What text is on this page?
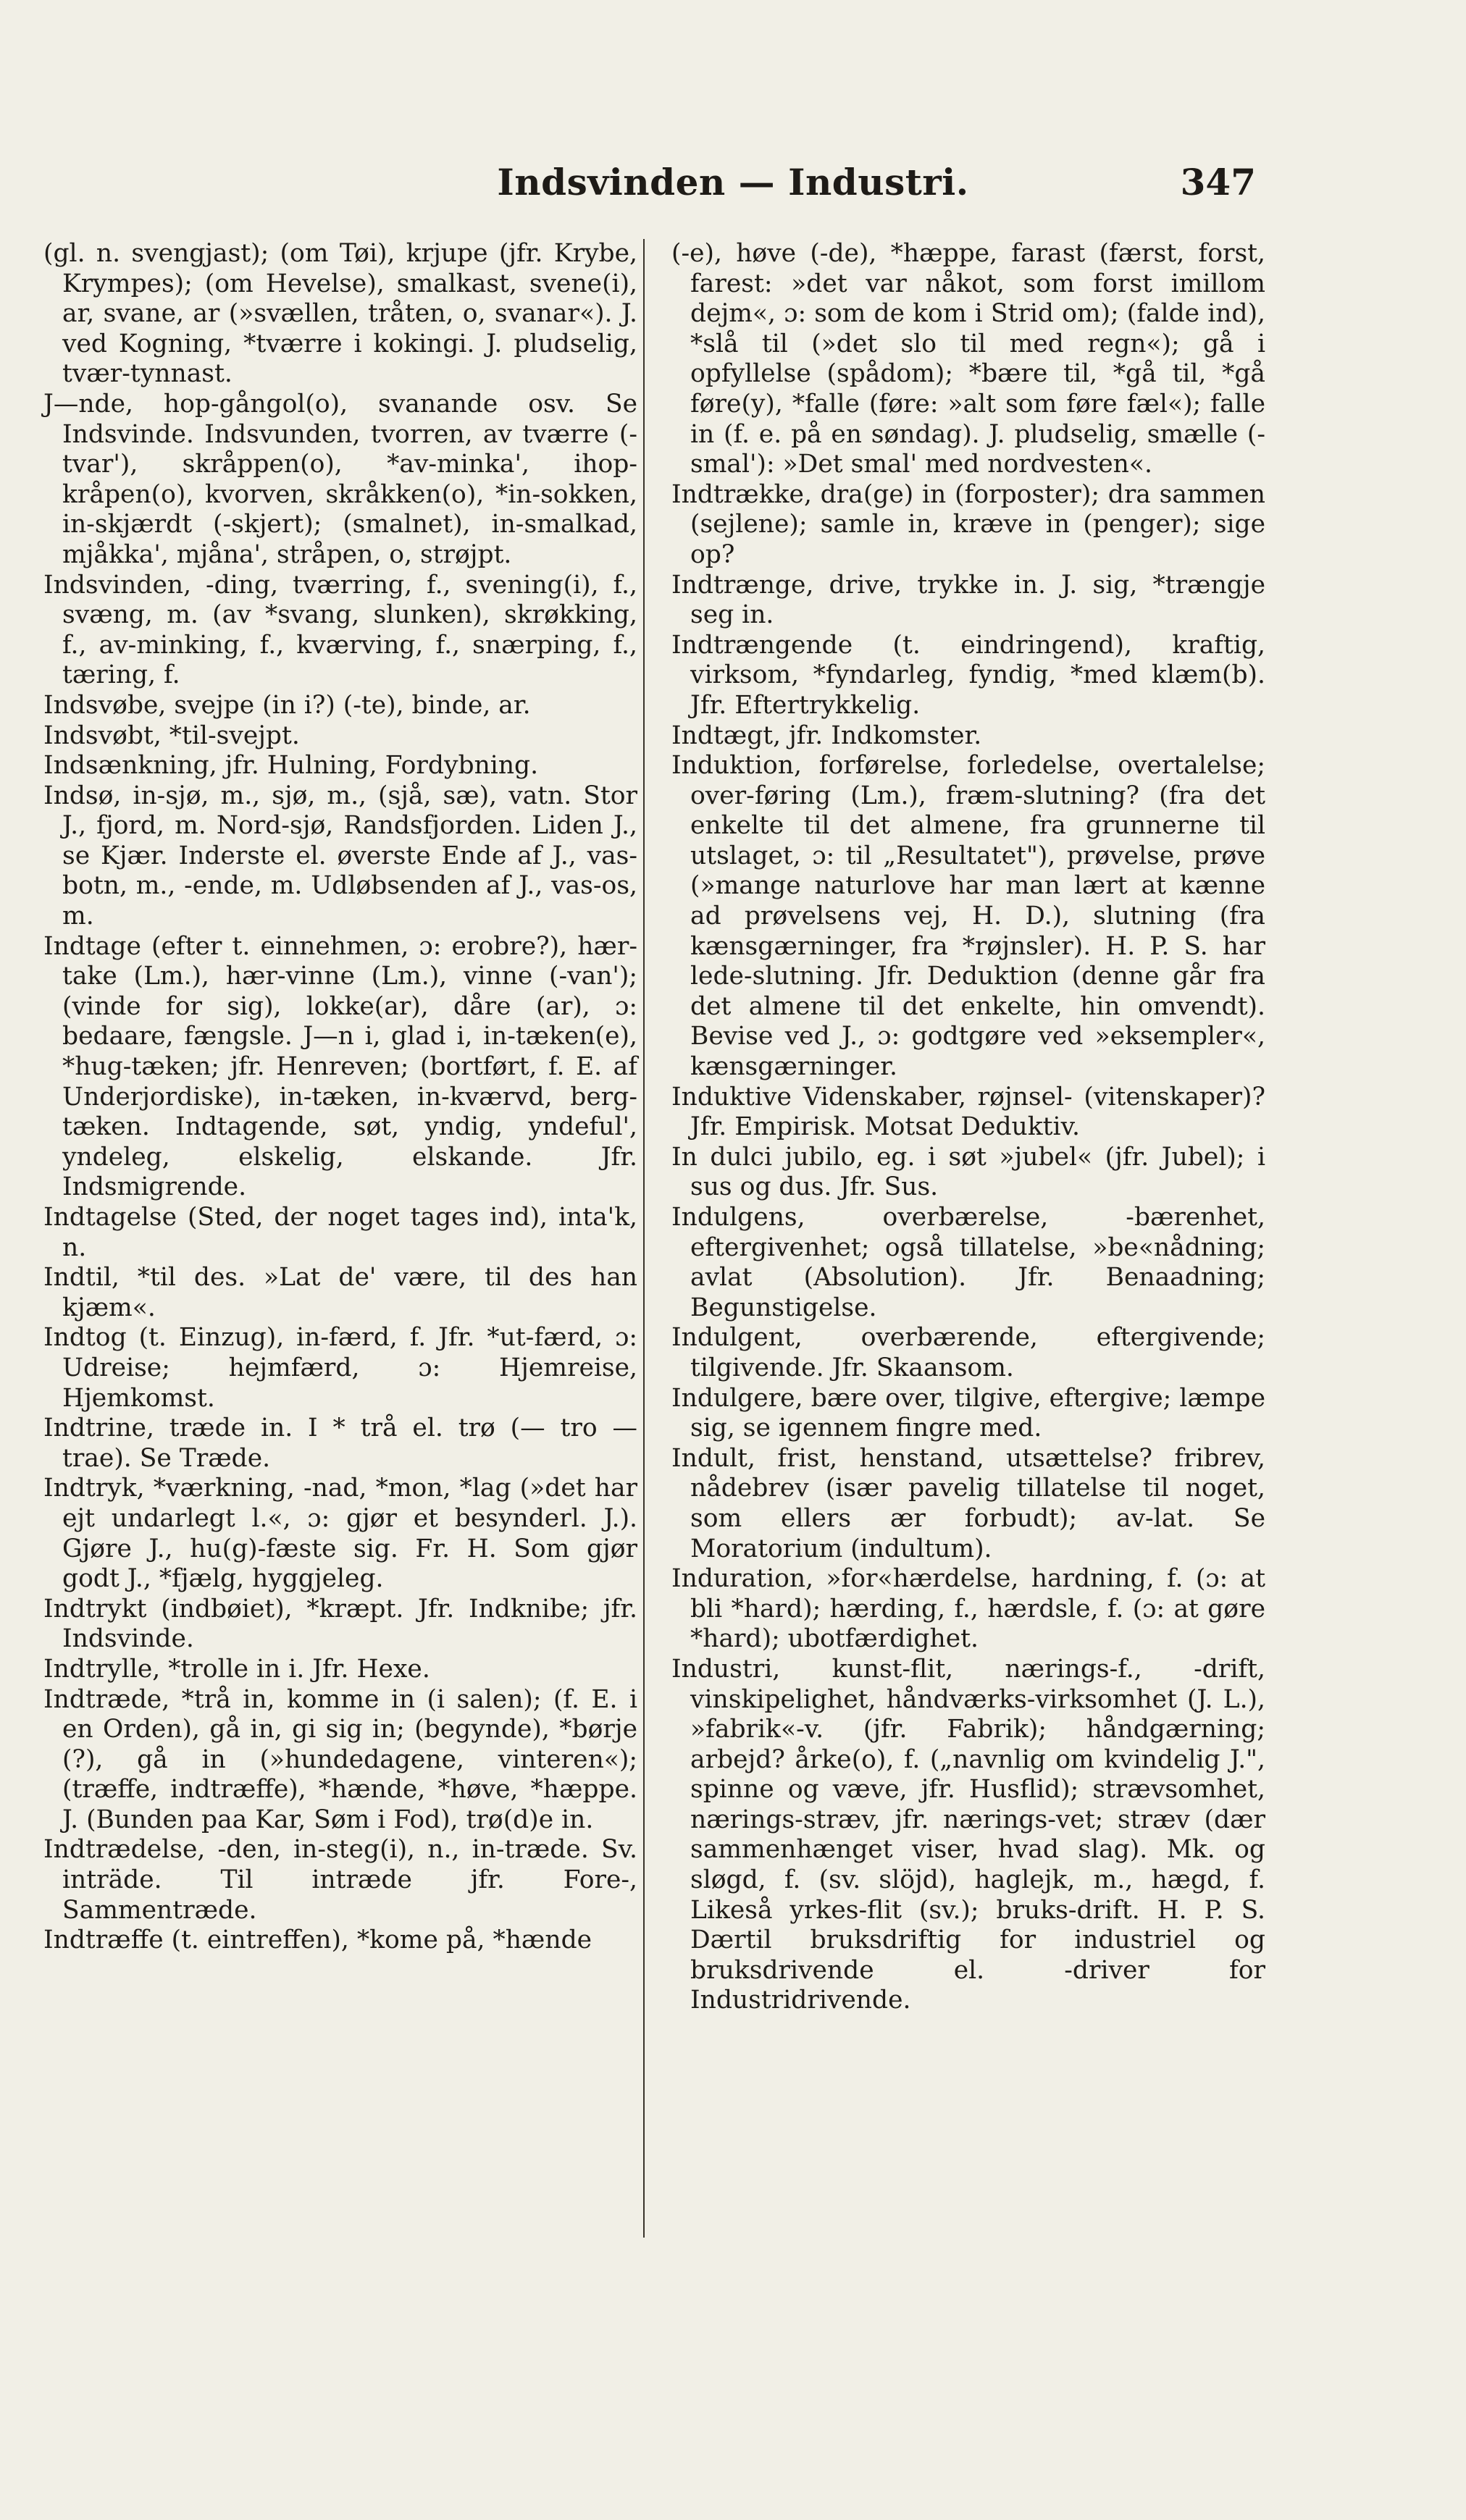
Indsvinden — Industri.	347

(gl. n. svengjast); (om Tøi), krjupe (jfr. Krybe, Krympes); (om Hevelse), smalkast, svene(i), ar, svane, ar (»svællen, tråten, o, svanar«). J. ved Kogning, *tværre i kokingi. J. pludselig, tvær-tynnast.

J—nde, hop-gångol(o), svanande osv. Se Indsvinde. Indsvunden, tvorren, av tværre (-tvar'), skråppen(o), *av-minka', ihop-kråpen(o), kvorven, skråkken(o), *in-sokken, in-skjærdt (-skjert); (smalnet), in-smalkad, mjåkka', mjåna', stråpen, o, strøjpt.

Indsvinden, -ding, tværring, f., svening(i), f., svæng, m. (av *svang, slunken), skrøkking, f., av-minking, f., kværving, f., snærping, f., tæring, f.

Indsvøbe, svejpe (in i?) (-te), binde, ar.

Indsvøbt, *til-svejpt.

Indsænkning, jfr. Hulning, Fordybning.

Indsø, in-sjø, m., sjø, m., (sjå, sæ), vatn. Stor J., fjord, m. Nord-sjø, Randsfjorden. Liden J., se Kjær. Inderste el. øverste Ende af J., vas-botn, m., -ende, m. Udløbsenden af J., vas-os, m.

Indtage (efter t. einnehmen, ɔ: erobre?), hær-take (Lm.), hær-vinne (Lm.), vinne (-van'); (vinde for sig), lokke(ar), dåre (ar), ɔ: bedaare, fængsle. J—n i, glad i, in-tæken(e), *hug-tæken; jfr. Henreven; (bortført, f. E. af Underjordiske), in-tæken, in-kværvd, berg-tæken. Indtagende, søt, yndig, yndeful', yndeleg, elskelig, elskande. Jfr. Indsmigrende.

Indtagelse (Sted, der noget tages ind), inta'k, n.

Indtil, *til des. »Lat de' være, til des han kjæm«.

Indtog (t. Einzug), in-færd, f. Jfr. *ut-færd, ɔ: Udreise; hejmfærd, ɔ: Hjemreise, Hjemkomst.

Indtrine, træde in. I * trå el. trø (— tro — trae). Se Træde.

Indtryk, *værkning, -nad, *mon, *lag (»det har ejt undarlegt l.«, ɔ: gjør et besynderl. J.). Gjøre J., hu(g)-fæste sig. Fr. H. Som gjør godt J., *fjælg, hyggjeleg.

Indtrykt (indbøiet), *kræpt. Jfr. Indknibe; jfr. Indsvinde.

Indtrylle, *trolle in i. Jfr. Hexe.

Indtræde, *trå in, komme in (i salen); (f. E. i en Orden), gå in, gi sig in; (begynde), *børje (?), gå in (»hundedagene, vinteren«); (træffe, indtræffe), *hænde, *høve, *hæppe. J. (Bunden paa Kar, Søm i Fod), trø(d)e in.

Indtrædelse, -den, in-steg(i), n., in-træde. Sv. inträde. Til intræde jfr. Fore-, Sammentræde.

Indtræffe (t. eintreffen), *kome på, *hænde

(-e), høve (-de), *hæppe, farast (færst, forst, farest: »det var nåkot, som forst imillom dejm«, ɔ: som de kom i Strid om); (falde ind), *slå til (»det slo til med regn«); gå i opfyllelse (spådom); *bære til, *gå til, *gå føre(y), *falle (føre: »alt som føre fæl«); falle in (f. e. på en søndag). J. pludselig, smælle (-smal'): »Det smal' med nordvesten«.

Indtrække, dra(ge) in (forposter); dra sammen (sejlene); samle in, kræve in (penger); sige op?

Indtrænge, drive, trykke in. J. sig, *trængje seg in.

Indtrængende (t. eindringend), kraftig, virksom, *fyndarleg, fyndig, *med klæm(b). Jfr. Eftertrykkelig.

Indtægt, jfr. Indkomster.

Induktion, forførelse, forledelse, overtalelse; over-føring (Lm.), fræm-slutning? (fra det enkelte til det almene, fra grunnerne til utslaget, ɔ: til „Resultatet"), prøvelse, prøve (»mange naturlove har man lært at kænne ad prøvelsens vej, H. D.), slutning (fra kænsgærninger, fra *røjnsler). H. P. S. har lede-slutning. Jfr. Deduktion (denne går fra det almene til det enkelte, hin omvendt). Bevise ved J., ɔ: godtgøre ved »eksempler«, kænsgærninger.

Induktive Videnskaber, røjnsel- (vitenskaper)? Jfr. Empirisk. Motsat Deduktiv.

In dulci jubilo, eg. i søt »jubel« (jfr. Jubel); i sus og dus. Jfr. Sus.

Indulgens, overbærelse, -bærenhet, eftergivenhet; også tillatelse, »be«nådning; avlat (Absolution). Jfr. Benaadning; Begunstigelse.

Indulgent, overbærende, eftergivende; tilgivende. Jfr. Skaansom.

Indulgere, bære over, tilgive, eftergive; læmpe sig, se igennem fingre med.

Indult, frist, henstand, utsættelse? fribrev, nådebrev (især pavelig tillatelse til noget, som ellers ær forbudt); av-lat. Se Moratorium (indultum).

Induration, »for«hærdelse, hardning, f. (ɔ: at bli *hard); hærding, f., hærdsle, f. (ɔ: at gøre *hard); ubotfærdighet.

Industri, kunst-flit, nærings-f., -drift, vinskipelighet, håndværks-virksomhet (J. L.), »fabrik«-v. (jfr. Fabrik); håndgærning; arbejd? årke(o), f. („navnlig om kvindelig J.", spinne og væve, jfr. Husflid); strævsomhet, nærings-stræv, jfr. nærings-vet; stræv (dær sammenhænget viser, hvad slag). Mk. og sløgd, f. (sv. slöjd), haglejk, m., hægd, f. Likeså yrkes-flit (sv.); bruks-drift. H. P. S. Dærtil bruksdriftig for industriel og bruksdrivende el. -driver for Industridrivende.
